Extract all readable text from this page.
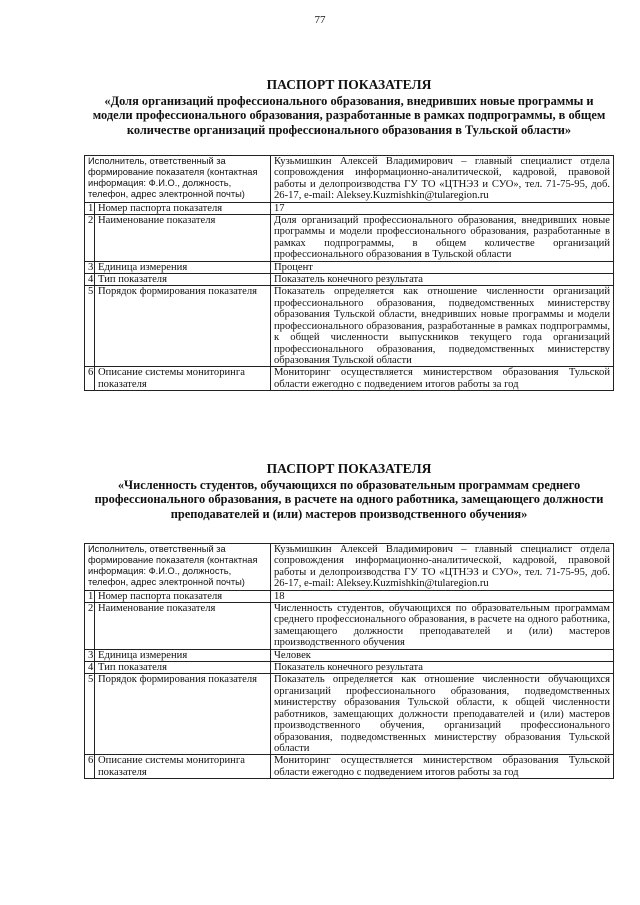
77
ПАСПОРТ ПОКАЗАТЕЛЯ
«Доля организаций профессионального образования, внедривших новые программы и модели профессионального образования, разработанные в рамках подпрограммы, в общем количестве организаций профессионального образования в Тульской области»
Исполнитель, ответственный за формирование показателя (контактная информация: Ф.И.О., должность, телефон, адрес электронной почты)		Кузьмишкин Алексей Владимирович – главный специалист отдела сопровождения информационно-аналитической, кадровой, правовой работы и делопроизводства ГУ ТО «ЦТНЭЗ и СУО», тел. 71-75-95, доб. 26-17, e-mail: Aleksey.Kuzmishkin@tularegion.ru
1	Номер паспорта показателя	17
2	Наименование показателя	Доля организаций профессионального образования, внедривших новые программы и модели профессионального образования, разработанные в рамках подпрограммы, в общем количестве организаций профессионального образования в Тульской области
3	Единица измерения	Процент
4	Тип показателя	Показатель конечного результата
5	Порядок формирования показателя	Показатель определяется как отношение численности организаций профессионального образования, подведомственных министерству образования Тульской области, внедривших новые программы и модели профессионального образования, разработанные в рамках подпрограммы, к общей численности выпускников текущего года организаций профессионального образования, подведомственных министерству образования Тульской области
6	Описание системы мониторинга показателя	Мониторинг осуществляется министерством образования Тульской области ежегодно с подведением итогов работы за год
ПАСПОРТ ПОКАЗАТЕЛЯ
«Численность студентов, обучающихся по образовательным программам среднего профессионального образования, в расчете на одного работника, замещающего должности преподавателей и (или) мастеров производственного обучения»
Исполнитель, ответственный за формирование показателя (контактная информация: Ф.И.О., должность, телефон, адрес электронной почты)		Кузьмишкин Алексей Владимирович – главный специалист отдела сопровождения информационно-аналитической, кадровой, правовой работы и делопроизводства ГУ ТО «ЦТНЭЗ и СУО», тел. 71-75-95, доб. 26-17, e-mail: Aleksey.Kuzmishkin@tularegion.ru
1	Номер паспорта показателя	18
2	Наименование показателя	Численность студентов, обучающихся по образовательным программам среднего профессионального образования, в расчете на одного работника, замещающего должности преподавателей и (или) мастеров производственного обучения
3	Единица измерения	Человек
4	Тип показателя	Показатель конечного результата
5	Порядок формирования показателя	Показатель определяется как отношение численности обучающихся организаций профессионального образования, подведомственных министерству образования Тульской области, к общей численности работников, замещающих должности преподавателей и (или) мастеров производственного обучения, организаций профессионального образования, подведомственных министерству образования Тульской области
6	Описание системы мониторинга показателя	Мониторинг осуществляется министерством образования Тульской области ежегодно с подведением итогов работы за год
